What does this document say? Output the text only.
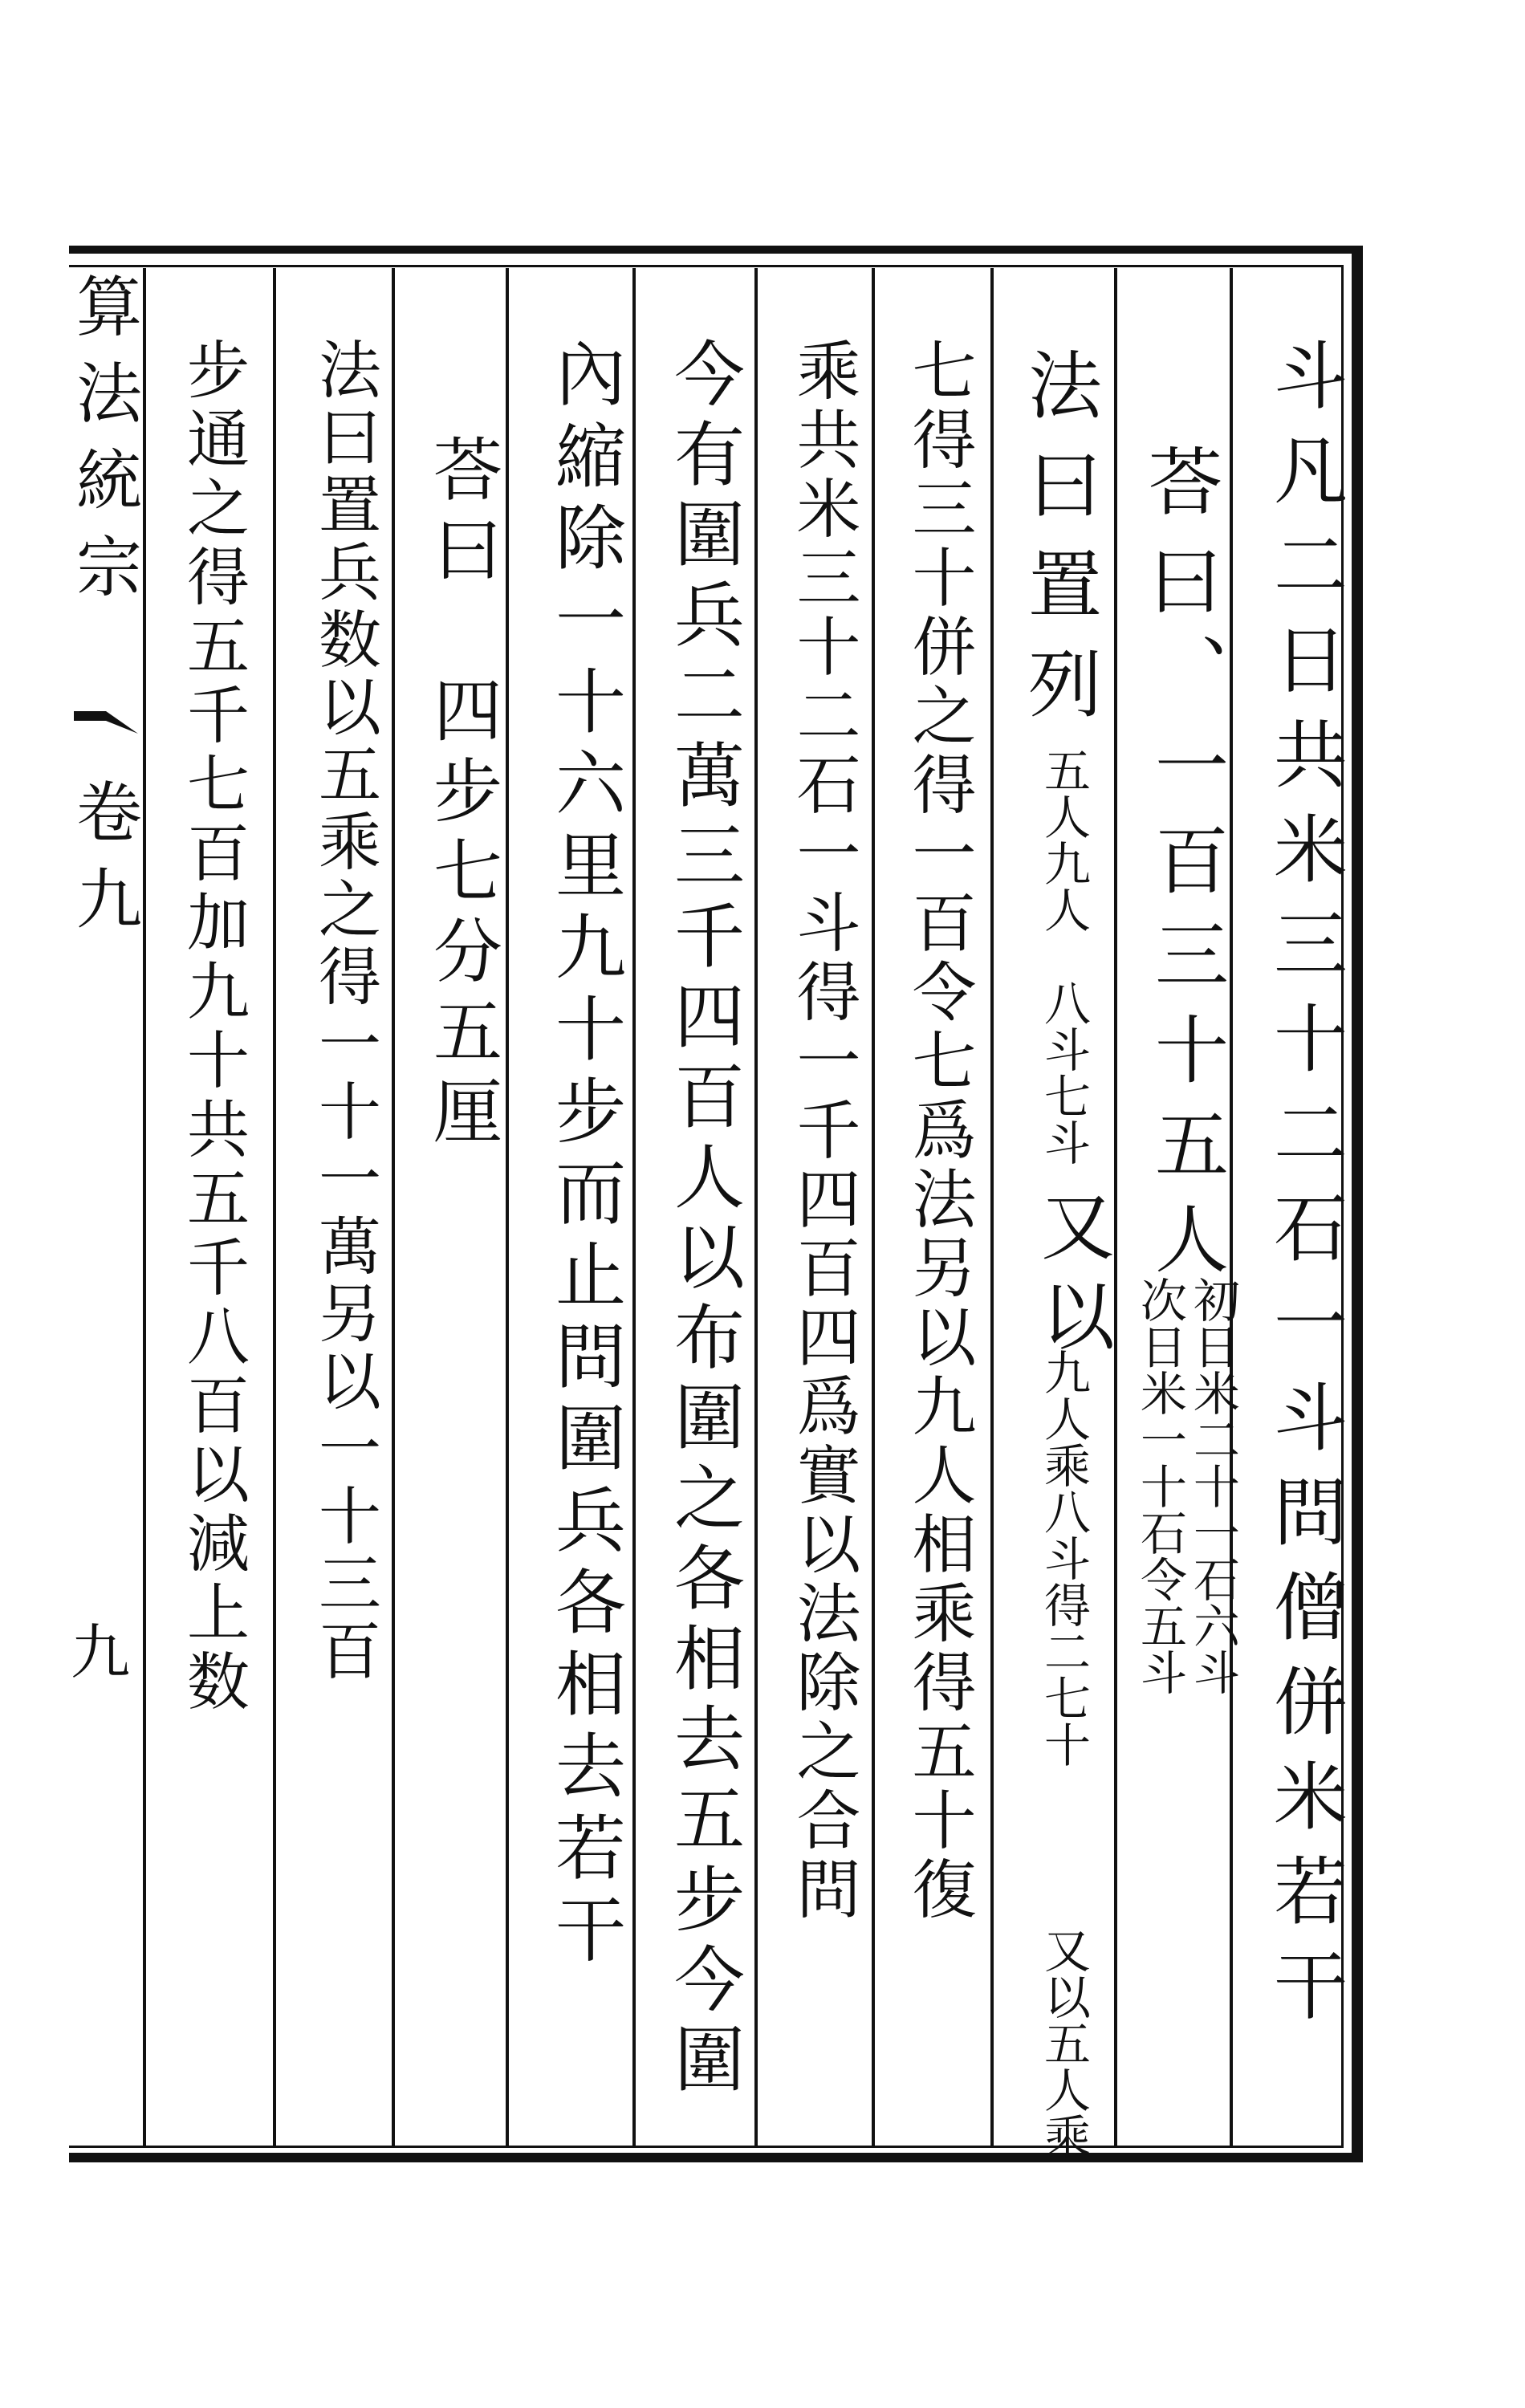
算
法
統
宗
卷
九
九	斗凡二日共米三十二石一斗問僧併米若干
荅
曰
、一百三十五人
初日米二十一石六斗
次日米一十石令五斗
法
曰
置
列
五人九人
八斗七斗
又以
九人乘八斗得二七十
又以五人乘
七得三十併之得一百令七爲法另以九人相乘得五十復
乘共米三十二石一斗得一千四百四爲實以法除之合問
今有圍兵二萬三千四百人以布圍之各相去五步今圍
內縮除一十六里九十步而止問圍兵各相去若干
荅曰　四步七分五厘
法曰置兵数以五乘之得一十一萬另以一十三百
步通之得五千七百加九十共五千八百以減上数
